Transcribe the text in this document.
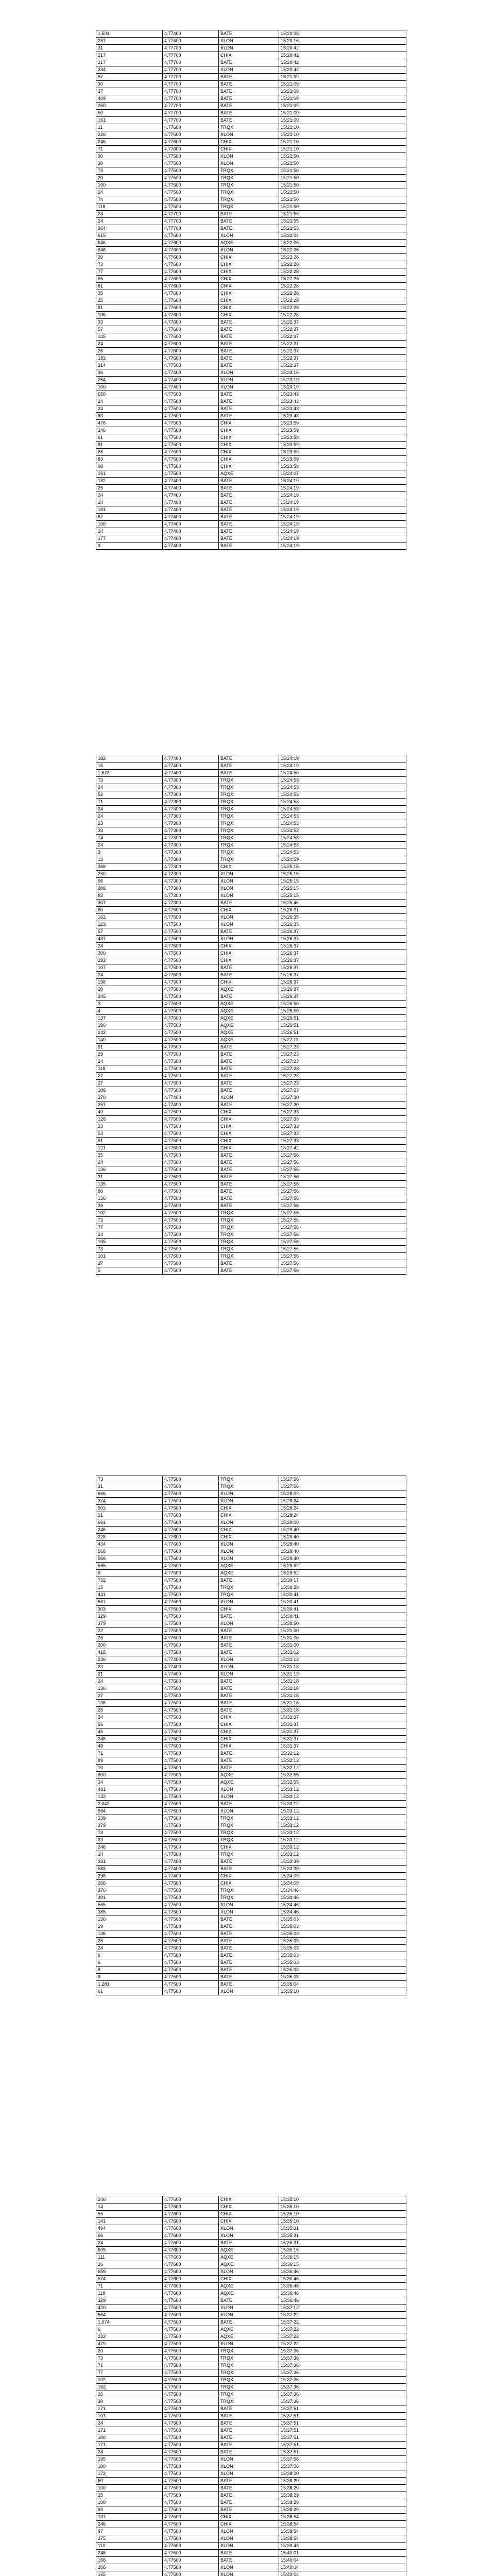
1,501	4.77400	BATE	15:20:08
281	4.77400	XLON	15:20:16
31	4.77700	XLON	15:20:42
217	4.77700	CHIX	15:20:42
217	4.77700	BATE	15:20:42
234	4.77700	XLON	15:20:42
87	4.77700	BATE	15:21:09
30	4.77700	BATE	15:21:09
27	4.77700	BATE	15:21:09
409	4.77700	BATE	15:21:09
250	4.77700	BATE	15:21:09
50	4.77700	BATE	15:21:09
161	4.77700	BATE	15:21:09
11	4.77600	TRQX	15:21:10
226	4.77600	XLON	15:21:10
246	4.77600	CHIX	15:21:10
71	4.77600	CHIX	15:21:10
90	4.77500	XLON	15:21:50
30	4.77500	XLON	15:21:50
73	4.77500	TRQX	15:21:50
20	4.77500	TRQX	15:21:50
100	4.77500	TRQX	15:21:50
24	4.77500	TRQX	15:21:50
74	4.77500	TRQX	15:21:50
118	4.77500	TRQX	15:21:50
24	4.77700	BATE	15:21:55
24	4.77700	BATE	15:21:55
964	4.77700	BATE	15:21:55
615	4.77600	XLON	15:22:04
646	4.77600	AQXE	15:22:06
646	4.77600	XLON	15:22:06
20	4.77600	CHIX	15:22:28
73	4.77600	CHIX	15:22:28
77	4.77600	CHIX	15:22:28
65	4.77600	CHIX	15:22:28
81	4.77600	CHIX	15:22:28
35	4.77600	CHIX	15:22:28
25	4.77600	CHIX	15:22:28
81	4.77600	CHIX	15:22:28
196	4.77600	CHIX	15:22:28
33	4.77600	BATE	15:22:37
57	4.77600	BATE	15:22:37
145	4.77600	BATE	15:22:37
24	4.77600	BATE	15:22:37
26	4.77600	BATE	15:22:37
182	4.77600	BATE	15:22:37
314	4.77500	BATE	15:22:37
36	4.77400	XLON	15:23:16
264	4.77400	XLON	15:23:19
100	4.77400	XLON	15:23:19
650	4.77500	BATE	15:23:43
24	4.77500	BATE	15:23:43
24	4.77500	BATE	15:23:43
83	4.77500	BATE	15:23:43
476	4.77500	CHIX	15:23:59
246	4.77500	CHIX	15:23:59
61	4.77500	CHIX	15:23:59
81	4.77500	CHIX	15:23:59
66	4.77500	CHIX	15:23:59
83	4.77500	CHIX	15:23:59
98	4.77500	CHIX	15:23:59
161	4.77500	AQXE	15:24:07
182	4.77400	BATE	15:24:19
25	4.77400	BATE	15:24:19
24	4.77400	BATE	15:24:19
24	4.77400	BATE	15:24:19
181	4.77400	BATE	15:24:19
87	4.77400	BATE	15:24:19
100	4.77400	BATE	15:24:19
24	4.77400	BATE	15:24:19
177	4.77400	BATE	15:24:19
3	4.77400	BATE	15:24:19
182	4.77400	BATE	15:24:19
15	4.77400	BATE	15:24:19
1,673	4.77400	BATE	15:24:50
73	4.77300	TRQX	15:24:53
24	4.77300	TRQX	15:24:53
52	4.77300	TRQX	15:24:53
71	4.77300	TRQX	15:24:53
24	4.77300	TRQX	15:24:53
24	4.77300	TRQX	15:24:53
23	4.77300	TRQX	15:24:53
33	4.77300	TRQX	15:24:53
74	4.77300	TRQX	15:24:53
24	4.77300	TRQX	15:24:53
3	4.77300	TRQX	15:24:53
13	4.77300	TRQX	15:24:59
368	4.77300	CHIX	15:25:15
260	4.77300	XLON	15:25:15
96	4.77300	XLON	15:25:15
208	4.77300	XLON	15:25:15
83	4.77300	XLON	15:25:15
307	4.77300	BATE	15:25:46
60	4.77500	CHIX	15:26:01
162	4.77500	XLON	15:26:35
123	4.77500	XLON	15:26:35
57	4.77500	BATE	15:26:37
437	4.77500	XLON	15:26:37
24	4.77500	CHIX	15:26:37
300	4.77500	CHIX	15:26:37
293	4.77500	CHIX	15:26:37
107	4.77500	BATE	15:26:37
24	4.77500	BATE	15:26:37
198	4.77500	CHIX	15:26:37
20	4.77500	AQXE	15:26:37
345	4.77500	BATE	15:26:37
3	4.77500	AQXE	15:26:50
4	4.77500	AQXE	15:26:50
137	4.77500	AQXE	15:26:51
196	4.77500	AQXE	15:26:51
243	4.77500	AQXE	15:26:51
140	4.77500	AQXE	15:27:11
91	4.77500	BATE	15:27:23
29	4.77500	BATE	15:27:23
24	4.77500	BATE	15:27:23
118	4.77500	BATE	15:27:23
27	4.77500	BATE	15:27:23
27	4.77500	BATE	15:27:23
108	4.77500	BATE	15:27:23
270	4.77400	XLON	15:27:30
267	4.77400	BATE	15:27:30
40	4.77500	CHIX	15:27:33
128	4.77500	CHIX	15:27:33
23	4.77500	CHIX	15:27:33
54	4.77500	CHIX	15:27:33
51	4.77500	CHIX	15:27:33
121	4.77500	CHIX	15:27:42
25	4.77500	BATE	15:27:56
24	4.77500	BATE	15:27:56
136	4.77500	BATE	15:27:56
31	4.77500	BATE	15:27:56
135	4.77500	BATE	15:27:56
80	4.77500	BATE	15:27:56
136	4.77500	BATE	15:27:56
26	4.77500	BATE	15:27:56
102	4.77500	TRQX	15:27:56
73	4.77500	TRQX	15:27:56
77	4.77500	TRQX	15:27:56
24	4.77500	TRQX	15:27:56
105	4.77500	TRQX	15:27:56
73	4.77500	TRQX	15:27:56
101	4.77500	TRQX	15:27:56
27	4.77500	BATE	15:27:56
5	4.77500	BATE	15:27:56
73	4.77500	TRQX	15:27:56
31	4.77500	TRQX	15:27:56
666	4.77500	XLON	15:28:02
374	4.77500	XLON	15:28:24
502	4.77500	CHIX	15:28:24
21	4.77600	CHIX	15:28:24
661	4.77600	XLON	15:29:00
246	4.77600	CHIX	15:29:40
228	4.77600	CHIX	15:29:40
434	4.77600	XLON	15:29:40
568	4.77600	XLON	15:29:40
568	4.77600	XLON	15:29:40
565	4.77500	AQXE	15:29:52
6	4.77500	AQXE	15:29:52
732	4.77500	BATE	15:30:17
15	4.77500	TRQX	15:30:29
441	4.77500	TRQX	15:30:41
567	4.77500	XLON	15:30:41
303	4.77500	CHIX	15:30:41
329	4.77500	BATE	15:30:41
379	4.77500	XLON	15:30:50
22	4.77500	BATE	15:31:00
26	4.77500	BATE	15:31:00
200	4.77500	BATE	15:31:00
418	4.77500	BATE	15:31:02
236	4.77400	XLON	15:31:13
23	4.77400	XLON	15:31:13
21	4.77400	XLON	15:31:13
24	4.77500	BATE	15:31:18
136	4.77500	BATE	15:31:18
27	4.77500	BATE	15:31:18
136	4.77500	BATE	15:31:18
25	4.77500	BATE	15:31:18
34	4.77500	CHIX	15:31:37
56	4.77500	CHIX	15:31:37
45	4.77500	CHIX	15:31:37
248	4.77500	CHIX	15:31:37
48	4.77500	CHIX	15:31:37
71	4.77500	BATE	15:32:12
89	4.77500	BATE	15:32:12
10	4.77500	BATE	15:32:12
600	4.77500	AQXE	15:32:55
34	4.77500	AQXE	15:32:55
481	4.77500	XLON	15:33:12
132	4.77500	XLON	15:33:12
2,042	4.77500	BATE	15:33:12
564	4.77500	XLON	15:33:12
239	4.77500	TRQX	15:33:12
379	4.77500	TRQX	15:33:12
73	4.77500	TRQX	15:33:12
33	4.77500	TRQX	15:33:12
246	4.77500	CHIX	15:33:12
24	4.77500	TRQX	15:33:12
331	4.77400	BATE	15:33:39
583	4.77400	BATE	15:33:39
298	4.77400	CHIX	15:34:09
266	4.77500	CHIX	15:34:09
376	4.77500	TRQX	15:34:46
301	4.77500	TRQX	15:34:46
565	4.77500	XLON	15:34:46
385	4.77500	XLON	15:34:46
136	4.77500	BATE	15:35:03
29	4.77500	BATE	15:35:03
136	4.77500	BATE	15:35:03
25	4.77500	BATE	15:35:03
24	4.77500	BATE	15:35:03
6	4.77500	BATE	15:35:03
6	4.77500	BATE	15:35:03
8	4.77500	BATE	15:35:03
6	4.77500	BATE	15:35:03
1,281	4.77500	BATE	15:35:04
61	4.77500	XLON	15:35:10
246	4.77600	CHIX	15:35:10
14	4.77600	CHIX	15:35:10
55	4.77600	CHIX	15:35:10
141	4.77600	CHIX	15:35:10
494	4.77600	XLON	15:35:31
66	4.77600	XLON	15:35:31
24	4.77600	BATE	15:35:31
605	4.77600	AQXE	15:36:15
111	4.77600	AQXE	15:36:15
26	4.77600	AQXE	15:36:15
659	4.77600	XLON	15:36:46
574	4.77600	CHIX	15:36:46
71	4.77600	AQXE	15:36:46
118	4.77600	AQXE	15:36:46
329	4.77600	BATE	15:36:46
420	4.77500	XLON	15:37:12
564	4.77500	XLON	15:37:22
1,074	4.77500	BATE	15:37:22
6	4.77500	AQXE	15:37:22
232	4.77500	AQXE	15:37:22
479	4.77500	XLON	15:37:22
20	4.77500	TRQX	15:37:36
73	4.77500	TRQX	15:37:36
71	4.77500	TRQX	15:37:36
77	4.77500	TRQX	15:37:36
102	4.77500	TRQX	15:37:36
162	4.77500	TRQX	15:37:36
26	4.77500	TRQX	15:37:36
30	4.77500	TRQX	15:37:36
171	4.77500	BATE	15:37:51
101	4.77500	BATE	15:37:51
24	4.77500	BATE	15:37:51
171	4.77500	BATE	15:37:51
100	4.77500	BATE	15:37:51
171	4.77500	BATE	15:37:51
24	4.77500	BATE	15:37:51
195	4.77500	XLON	15:37:56
100	4.77500	XLON	15:37:56
172	4.77500	XLON	15:38:00
60	4.77500	BATE	15:38:29
100	4.77500	BATE	15:38:29
25	4.77500	BATE	15:38:29
100	4.77500	BATE	15:38:29
93	4.77500	BATE	15:38:29
137	4.77500	CHIX	15:38:54
246	4.77500	CHIX	15:38:54
97	4.77500	XLON	15:38:54
375	4.77500	XLON	15:38:54
110	4.77600	XLON	15:39:43
248	4.77500	BATE	15:40:01
168	4.77500	BATE	15:40:04
206	4.77500	XLON	15:40:04
155	4.77500	XLON	15:40:04
